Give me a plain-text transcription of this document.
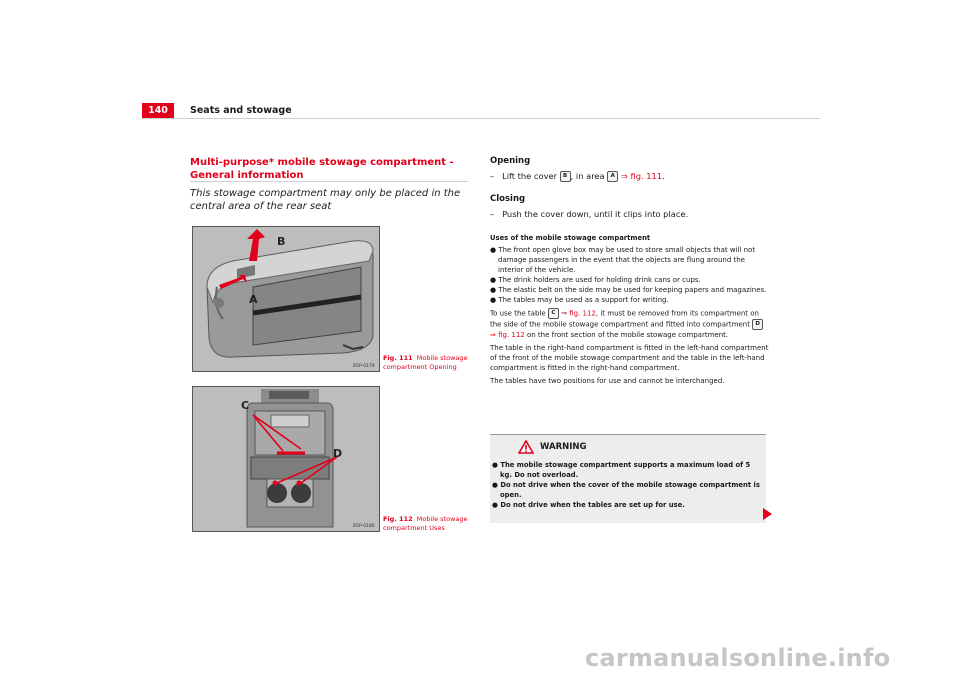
140	Seats and stowage
Multi-purpose* mobile stowage compartment - General information
This stowage compartment may only be placed in the central area of the rear seat
B
A
B5P-0179
Fig. 111 Mobile stowage compartment Opening
C
D
B5P-0180
Fig. 112 Mobile stowage compartment Uses
Opening
– Lift the cover B , in area A ⇒ fig. 111.
Closing
– Push the cover down, until it clips into place.
Uses of the mobile stowage compartment
● The front open glove box may be used to store small objects that will not damage passengers in the event that the objects are flung around the interior of the vehicle.
● The drink holders are used for holding drink cans or cups.
● The elastic belt on the side may be used for keeping papers and magazines.
● The tables may be used as a support for writing.

To use the table C ⇒ fig. 112, it must be removed from its compartment on the side of the mobile stowage compartment and fitted into compartment D ⇒ fig. 112 on the front section of the mobile stowage compartment.

The table in the right-hand compartment is fitted in the left-hand compartment of the front of the mobile stowage compartment and the table in the left-hand compartment is fitted in the right-hand compartment.

The tables have two positions for use and cannot be interchanged.

WARNING
● The mobile stowage compartment supports a maximum load of 5 kg. Do not overload.
● Do not drive when the cover of the mobile stowage compartment is open.
● Do not drive when the tables are set up for use.
carmanualsonline.info
